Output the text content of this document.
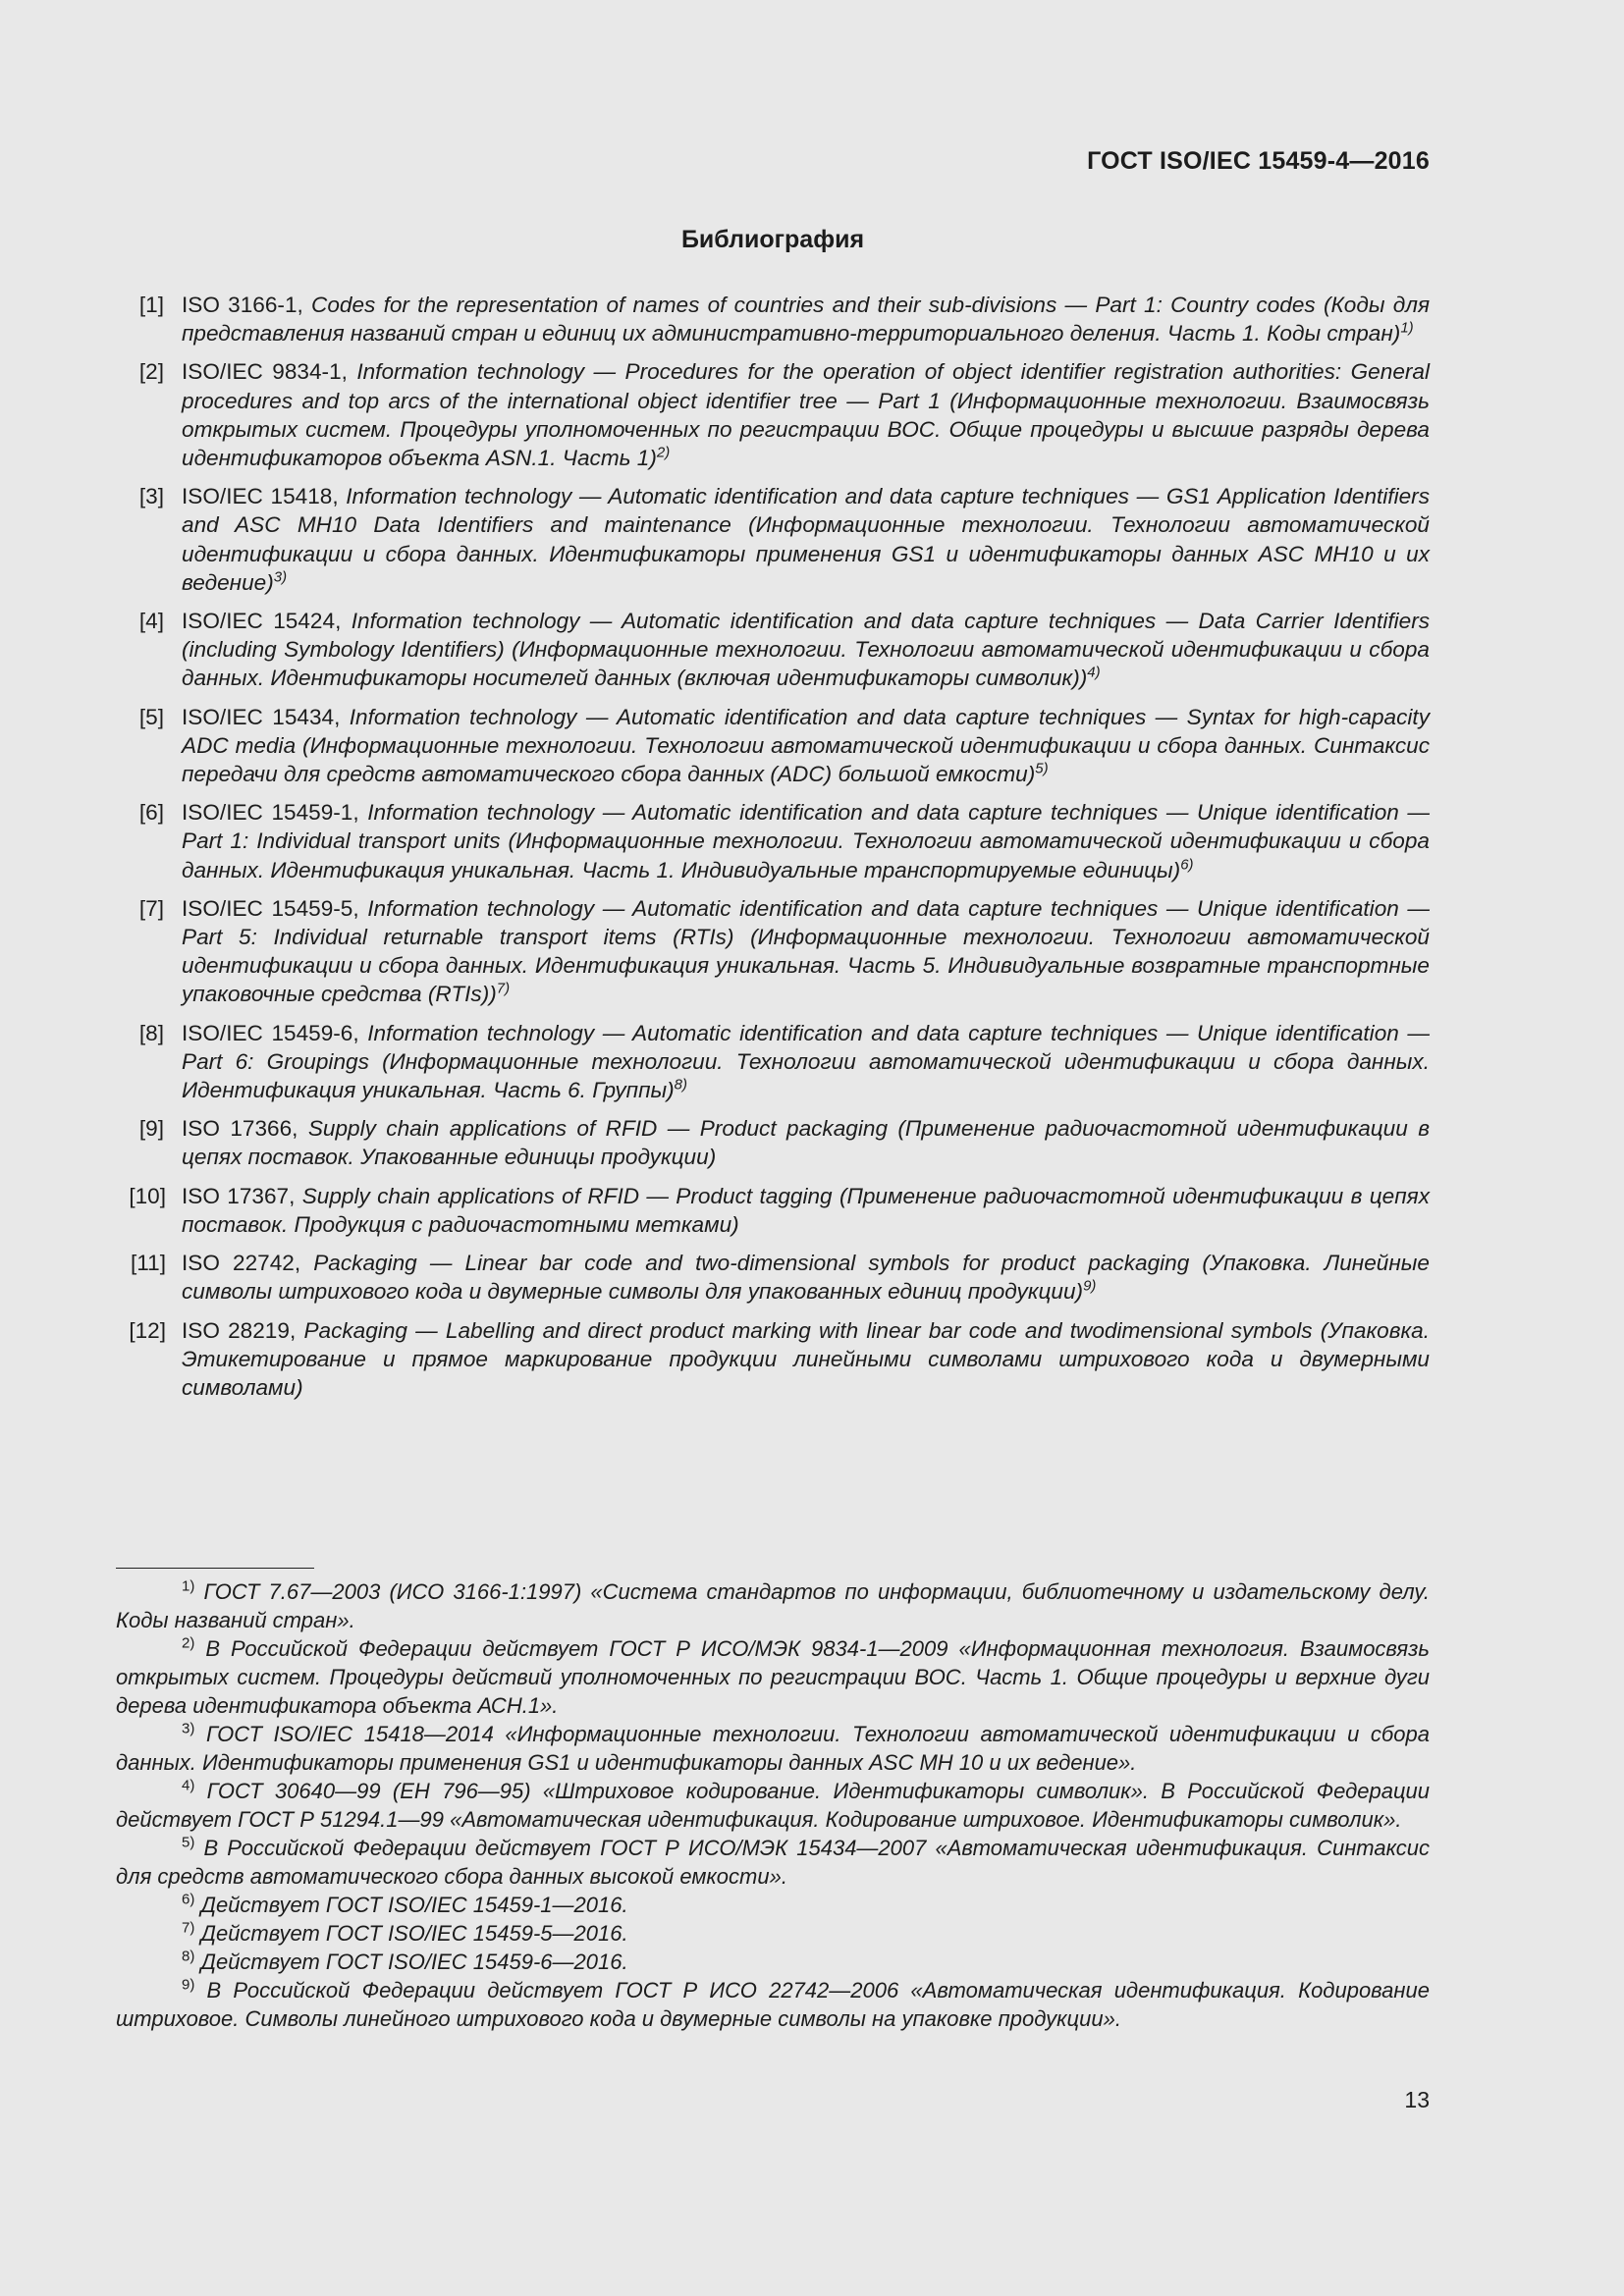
ГОСТ ISO/IEC 15459-4—2016
Библиография
[1] ISO 3166-1, Codes for the representation of names of countries and their sub-divisions — Part 1: Country codes (Коды для представления названий стран и единиц их административно-территориального деления. Часть 1. Коды стран)$^{1)}$
[2] ISO/IEC 9834-1, Information technology — Procedures for the operation of object identifier registration authorities: General procedures and top arcs of the international object identifier tree — Part 1 (Информационные технологии. Взаимосвязь открытых систем. Процедуры уполномоченных по регистрации ВОС. Общие процедуры и высшие разряды дерева идентификаторов объекта ASN.1. Часть 1)$^{2)}$
[3] ISO/IEC 15418, Information technology — Automatic identification and data capture techniques — GS1 Application Identifiers and ASC MH10 Data Identifiers and maintenance (Информационные технологии. Технологии автоматической идентификации и сбора данных. Идентификаторы применения GS1 и идентификаторы данных ASC MH10 и их ведение)$^{3)}$
[4] ISO/IEC 15424, Information technology — Automatic identification and data capture techniques — Data Carrier Identifiers (including Symbology Identifiers) (Информационные технологии. Технологии автоматической идентификации и сбора данных. Идентификаторы носителей данных (включая идентификаторы символик))$^{4)}$
[5] ISO/IEC 15434, Information technology — Automatic identification and data capture techniques — Syntax for high-capacity ADC media (Информационные технологии. Технологии автоматической идентификации и сбора данных. Синтаксис передачи для средств автоматического сбора данных (ADC) большой емкости)$^{5)}$
[6] ISO/IEC 15459-1, Information technology — Automatic identification and data capture techniques — Unique identification — Part 1: Individual transport units (Информационные технологии. Технологии автоматической идентификации и сбора данных. Идентификация уникальная. Часть 1. Индивидуальные транспортируемые единицы)$^{6)}$
[7] ISO/IEC 15459-5, Information technology — Automatic identification and data capture techniques — Unique identification — Part 5: Individual returnable transport items (RTIs) (Информационные технологии. Технологии автоматической идентификации и сбора данных. Идентификация уникальная. Часть 5. Индивидуальные возвратные транспортные упаковочные средства (RTIs))$^{7)}$
[8] ISO/IEC 15459-6, Information technology — Automatic identification and data capture techniques — Unique identification — Part 6: Groupings (Информационные технологии. Технологии автоматической идентификации и сбора данных. Идентификация уникальная. Часть 6. Группы)$^{8)}$
[9] ISO 17366, Supply chain applications of RFID — Product packaging (Применение радиочастотной идентификации в цепях поставок. Упакованные единицы продукции)
[10] ISO 17367, Supply chain applications of RFID — Product tagging (Применение радиочастотной идентификации в цепях поставок. Продукция с радиочастотными метками)
[11] ISO 22742, Packaging — Linear bar code and two-dimensional symbols for product packaging (Упаковка. Линейные символы штрихового кода и двумерные символы для упакованных единиц продукции)$^{9)}$
[12] ISO 28219, Packaging — Labelling and direct product marking with linear bar code and twodimensional symbols (Упаковка. Этикетирование и прямое маркирование продукции линейными символами штрихового кода и двумерными символами)
$^{1)}$ ГОСТ 7.67—2003 (ИСО 3166-1:1997) «Система стандартов по информации, библиотечному и издательскому делу. Коды названий стран».
$^{2)}$ В Российской Федерации действует ГОСТ Р ИСО/МЭК 9834-1—2009 «Информационная технология. Взаимосвязь открытых систем. Процедуры действий уполномоченных по регистрации ВОС. Часть 1. Общие процедуры и верхние дуги дерева идентификатора объекта АСН.1».
$^{3)}$ ГОСТ ISO/IEC 15418—2014 «Информационные технологии. Технологии автоматической идентификации и сбора данных. Идентификаторы применения GS1 и идентификаторы данных ASC MH 10 и их ведение».
$^{4)}$ ГОСТ 30640—99 (ЕН 796—95) «Штриховое кодирование. Идентификаторы символик». В Российской Федерации действует ГОСТ Р 51294.1—99 «Автоматическая идентификация. Кодирование штриховое. Идентификаторы символик».
$^{5)}$ В Российской Федерации действует ГОСТ Р ИСО/МЭК 15434—2007 «Автоматическая идентификация. Синтаксис для средств автоматического сбора данных высокой емкости».
$^{6)}$ Действует ГОСТ ISO/IEC 15459-1—2016.
$^{7)}$ Действует ГОСТ ISO/IEC 15459-5—2016.
$^{8)}$ Действует ГОСТ ISO/IEC 15459-6—2016.
$^{9)}$ В Российской Федерации действует ГОСТ Р ИСО 22742—2006 «Автоматическая идентификация. Кодирование штриховое. Символы линейного штрихового кода и двумерные символы на упаковке продукции».
13
